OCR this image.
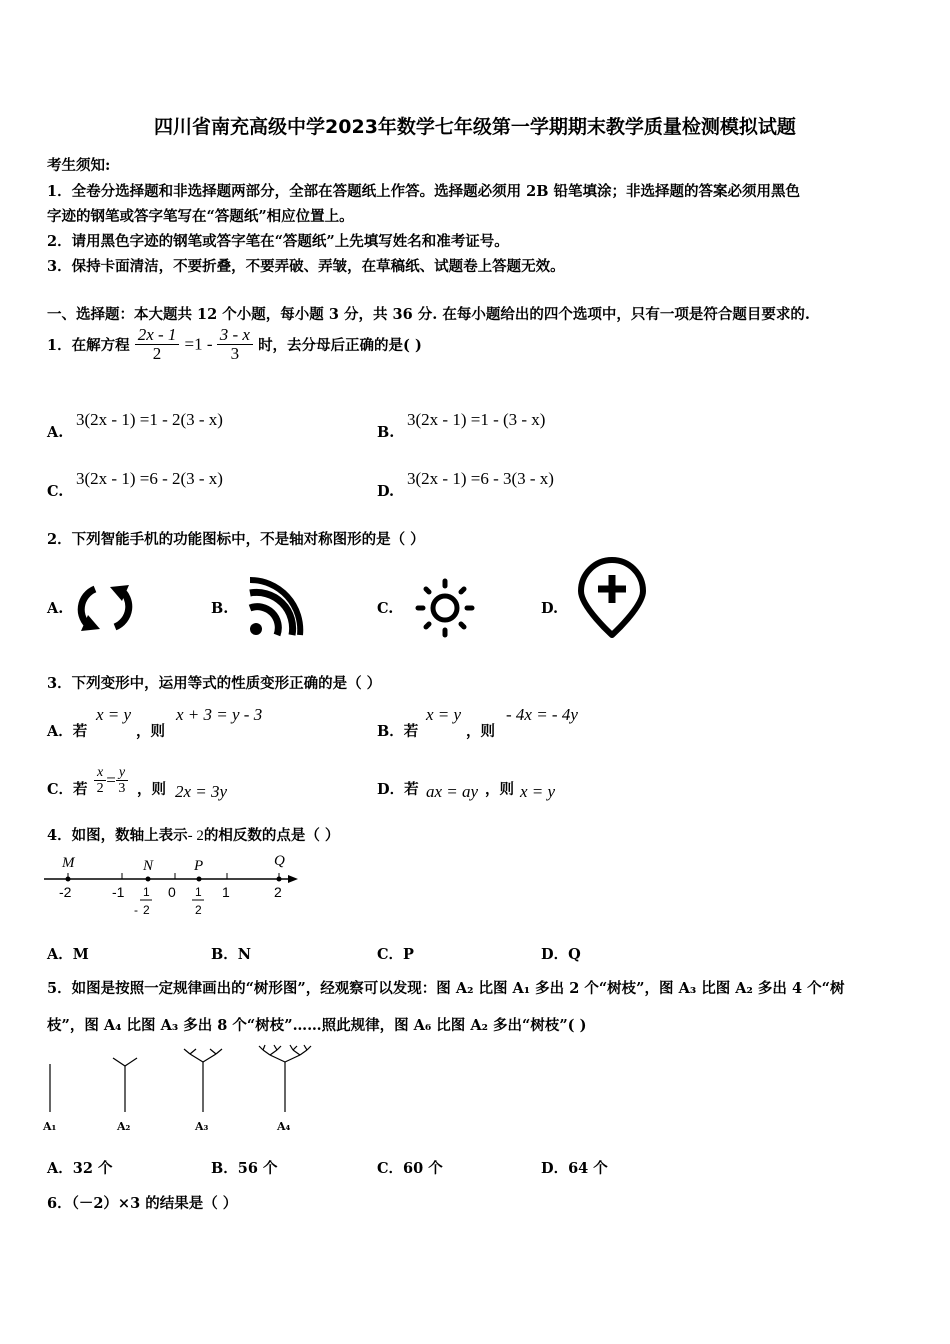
四川省南充高级中学2023年数学七年级第一学期期末教学质量检测模拟试题
考生须知:
1．全卷分选择题和非选择题两部分，全部在答题纸上作答。选择题必须用 2B 铅笔填涂；非选择题的答案必须用黑色
字迹的钢笔或答字笔写在“答题纸”相应位置上。
2．请用黑色字迹的钢笔或答字笔在“答题纸”上先填写姓名和准考证号。
3．保持卡面清洁，不要折叠，不要弄破、弄皱，在草稿纸、试题卷上答题无效。
一、选择题：本大题共 12 个小题，每小题 3 分，共 36 分. 在每小题给出的四个选项中，只有一项是符合题目要求的.
1．在解方程 $\frac{2x - 1}{2} =1 - \frac{3 - x}{3}$ 时，去分母后正确的是( )
A.
3(2x - 1) =1 - 2(3 - x)
B.
3(2x - 1) =1 - (3 - x)
C.
3(2x - 1) =6 - 2(3 - x)
D.
3(2x - 1) =6 - 3(3 - x)
2．下列智能手机的功能图标中，不是轴对称图形的是（ ）
A.	B.	C.	D.
3．下列变形中，运用等式的性质变形正确的是（ ）
A．若
x = y
，则
x + 3 = y - 3
B．若
x = y
，则
- 4x = - 4y
C．若 $\frac{x}{2} = \frac{y}{3}$ ，则 2x = 3y	D．若 ax = ay ，则 x = y
4．如图，数轴上表示- 2的相反数的点是（ ）
M	N	P	Q
-2	-1	0	1	2
1
- 2
1
2
A．M	B．N	C．P	D．Q
5．如图是按照一定规律画出的“树形图”，经观察可以发现：图 A₂ 比图 A₁ 多出 2 个“树枝”，图 A₃ 比图 A₂ 多出 4 个“树
枝”，图 A₄ 比图 A₃ 多出 8 个“树枝”……照此规律，图 A₆ 比图 A₂ 多出“树枝”( )
A₁	A₂	A₃	A₄
A．32 个	B．56 个	C．60 个	D．64 个
6．（－2）×3 的结果是（ ）
